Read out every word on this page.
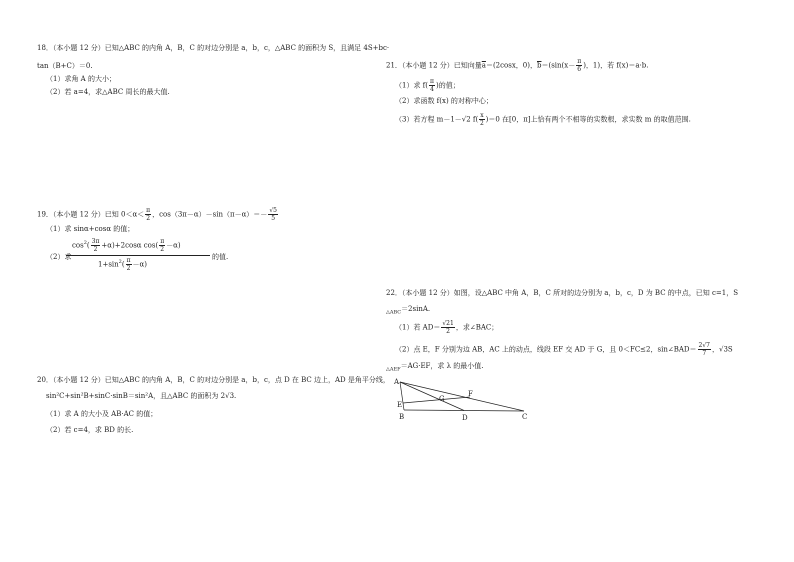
18．（本小题 12 分）已知△ABC 的内角 A，B，C 的对边分别是 a，b，c，△ABC 的面积为 S，且满足 4S+bc·
tan（B+C）＝0.
（1）求角 A 的大小；
（2）若 a=4，求△ABC 周长的最大值.
19．（本小题 12 分）已知 $0<\alpha< \frac{\pi}{2}$ ，$\cos(3\pi-\alpha)-\sin(\pi-\alpha)=- \frac{√5}{5}$
（1）求 sinα+cosα 的值；
（2）求
$\cos^2( \frac{3\pi}{2} +\alpha)+2\cos\alpha$ $\cos( \frac{\pi}{2} -\alpha)$
$1+\sin^2( \frac{\pi}{2} -\alpha)$
的值.
20．（本小题 12 分）已知△ABC 的内角 A，B，C 的对边分别是 a，b，c，点 D 在 BC 边上，AD 是角平分线，
sin²C+sin²B+sinC·sinB＝sin²A，且△ABC 的面积为 2√3.
（1）求 A 的大小及 AB·AC 的值；
（2）若 c=4，求 BD 的长.
21．（本小题 12 分）已知向量$\overline{a}=(2\cos x$，0)，$\overline{b}=(\sin(x- \frac{\pi}{6}$ )，1)，若 f(x)＝a·b.
（1）求 $f( \frac{\pi}{4}$ )的值；
（2）求函数 f(x) 的对称中心；
（3）若方程 m－1－√2 $f( \frac{x}{2} )=0$ 在[0，π]上恰有两个不相等的实数根，求实数 m 的取值范围.
22．（本小题 12 分）如图，设△ABC 中角 A，B，C 所对的边分别为 a，b，c，D 为 BC 的中点，已知 c=1，S
$_{\triangle ABC}$＝2sinA.
（1）若 $AD= \frac{√21}{2}$ ，求∠BAC；
（2）点 E，F 分别为边 AB，AC 上的动点，线段 EF 交 AD 于 G，且 0＜FC≤2，sin∠BAD＝ $\frac{2√7}{7}$ ，√3S
$_{\triangle AEF}$＝AG·EF，求 λ 的最小值.
A
B	C
D
E
F
G
